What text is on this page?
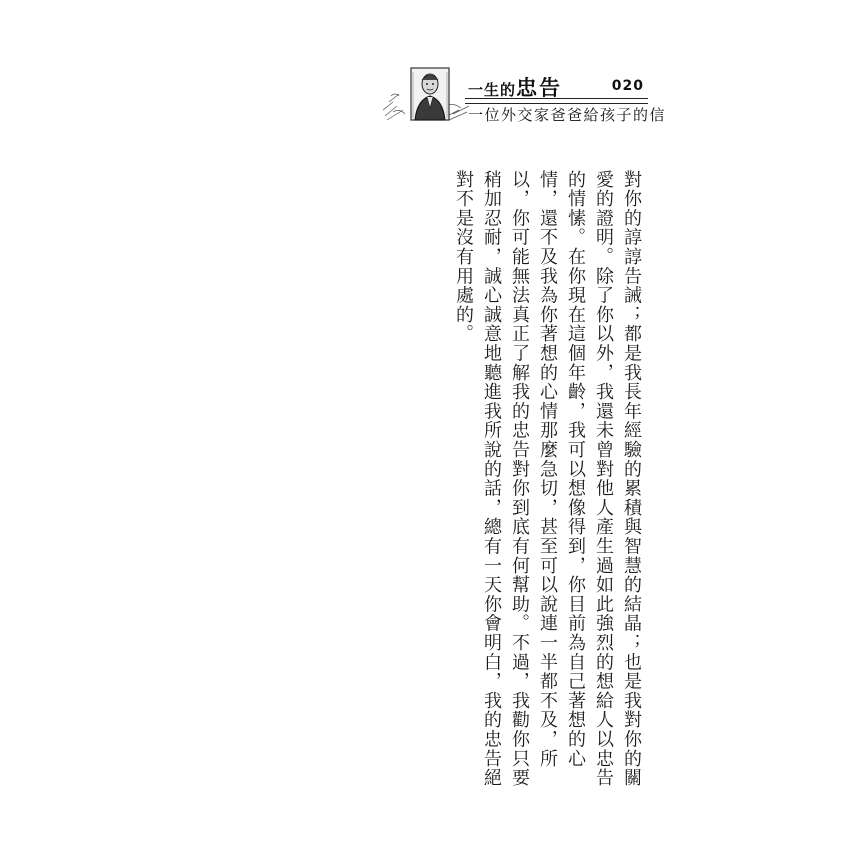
一生的忠告	020
一位外交家爸爸給孩子的信

對你的諄諄告誡；都是我長年經驗的累積與智慧的結晶；也是我對你的關愛的證明。除了你以外，我還未曾對他人產生過如此強烈的想給人以忠告的情愫。在你現在這個年齡，我可以想像得到，你目前為自己著想的心情，還不及我為你著想的心情那麼急切，甚至可以說連一半都不及，所以，你可能無法真正了解我的忠告對你到底有何幫助。不過，我勸你只要稍加忍耐，誠心誠意地聽進我所說的話，總有一天你會明白，我的忠告絕對不是沒有用處的。
